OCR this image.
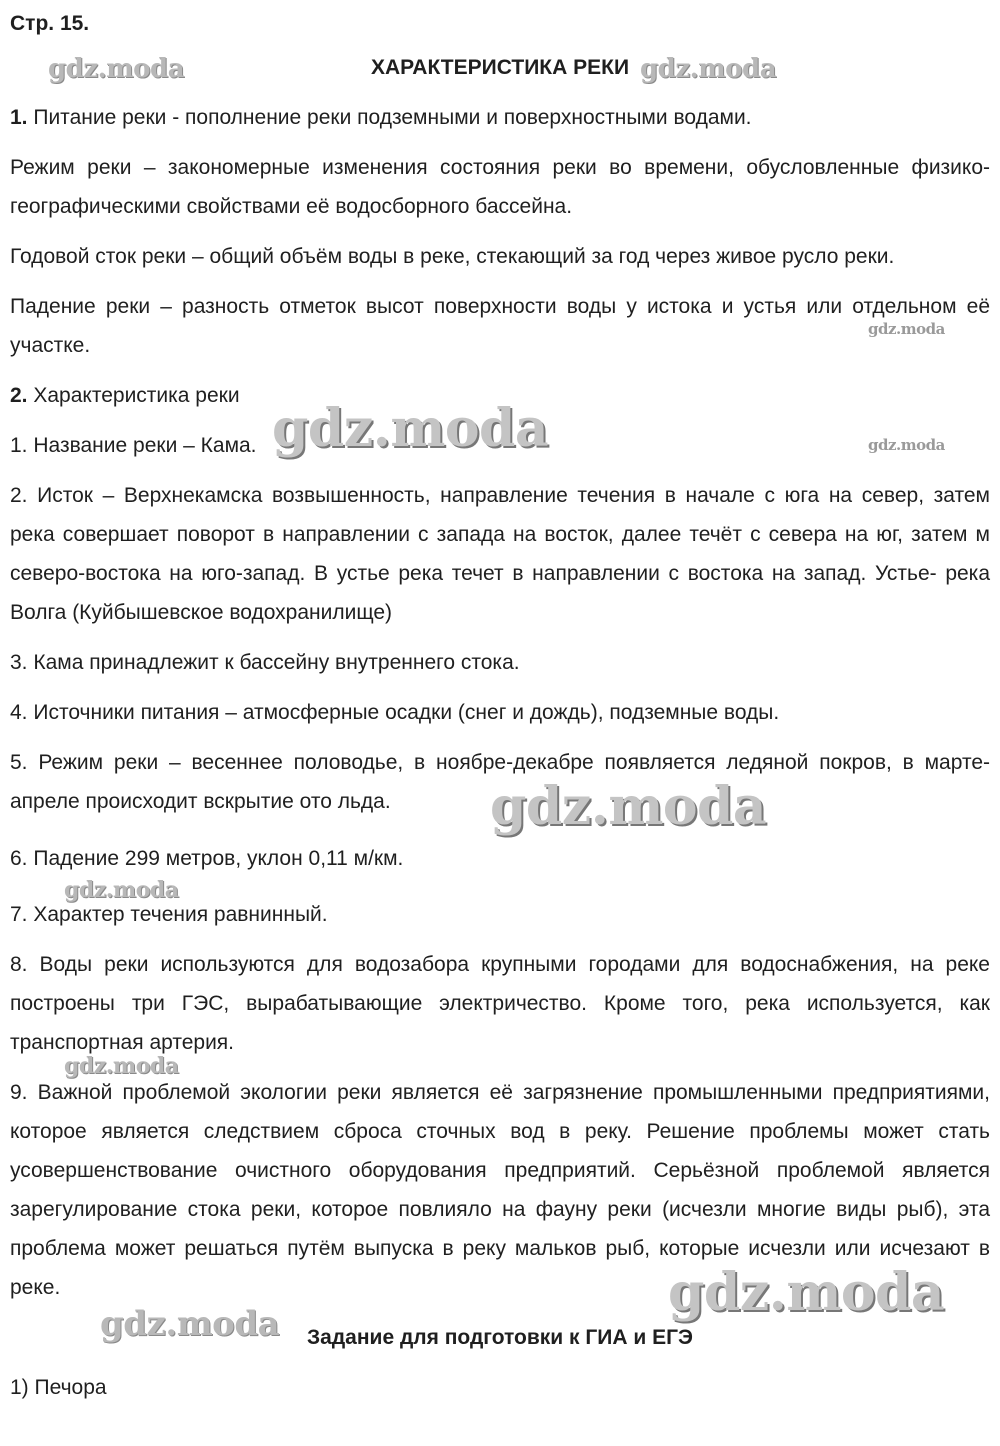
Стр. 15.

ХАРАКТЕРИСТИКА РЕКИ

1. Питание реки - пополнение реки подземными и поверхностными водами.

Режим реки – закономерные изменения состояния реки во времени, обусловленные физико-географическими свойствами её водосборного бассейна.

Годовой сток реки – общий объём воды в реке, стекающий за год через живое русло реки.

Падение реки – разность отметок высот поверхности воды у истока и устья или отдельном её участке.

2. Характеристика реки

1. Название реки – Кама.

2. Исток – Верхнекамска возвышенность, направление течения в начале с юга на север, затем река совершает поворот в направлении с запада на восток, далее течёт с севера на юг, затем м северо-востока на юго-запад. В устье река течет в направлении с востока на запад. Устье- река Волга (Куйбышевское водохранилище)

3. Кама принадлежит к бассейну внутреннего стока.

4. Источники питания – атмосферные осадки (снег и дождь), подземные воды.

5. Режим реки – весеннее половодье, в ноябре-декабре появляется ледяной покров, в марте-апреле происходит вскрытие ото льда.

6. Падение 299 метров, уклон 0,11 м/км.

7. Характер течения равнинный.

8. Воды реки используются для водозабора крупными городами для водоснабжения, на реке построены три ГЭС, вырабатывающие электричество. Кроме того, река используется, как транспортная артерия.

9. Важной проблемой экологии реки является её загрязнение промышленными предприятиями, которое является следствием сброса сточных вод в реку. Решение проблемы может стать усовершенствование очистного оборудования предприятий. Серьёзной проблемой является зарегулирование стока реки, которое повлияло на фауну реки (исчезли многие виды рыб), эта проблема может решаться путём выпуска в реку мальков рыб, которые исчезли или исчезают в реке.

Задание для подготовки к ГИА и ЕГЭ

1) Печора

gdz.moda	gdz.moda
gdz.moda
gdz.moda	gdz.moda
gdz.moda
gdz.moda
gdz.moda
gdz.moda
gdz.moda
